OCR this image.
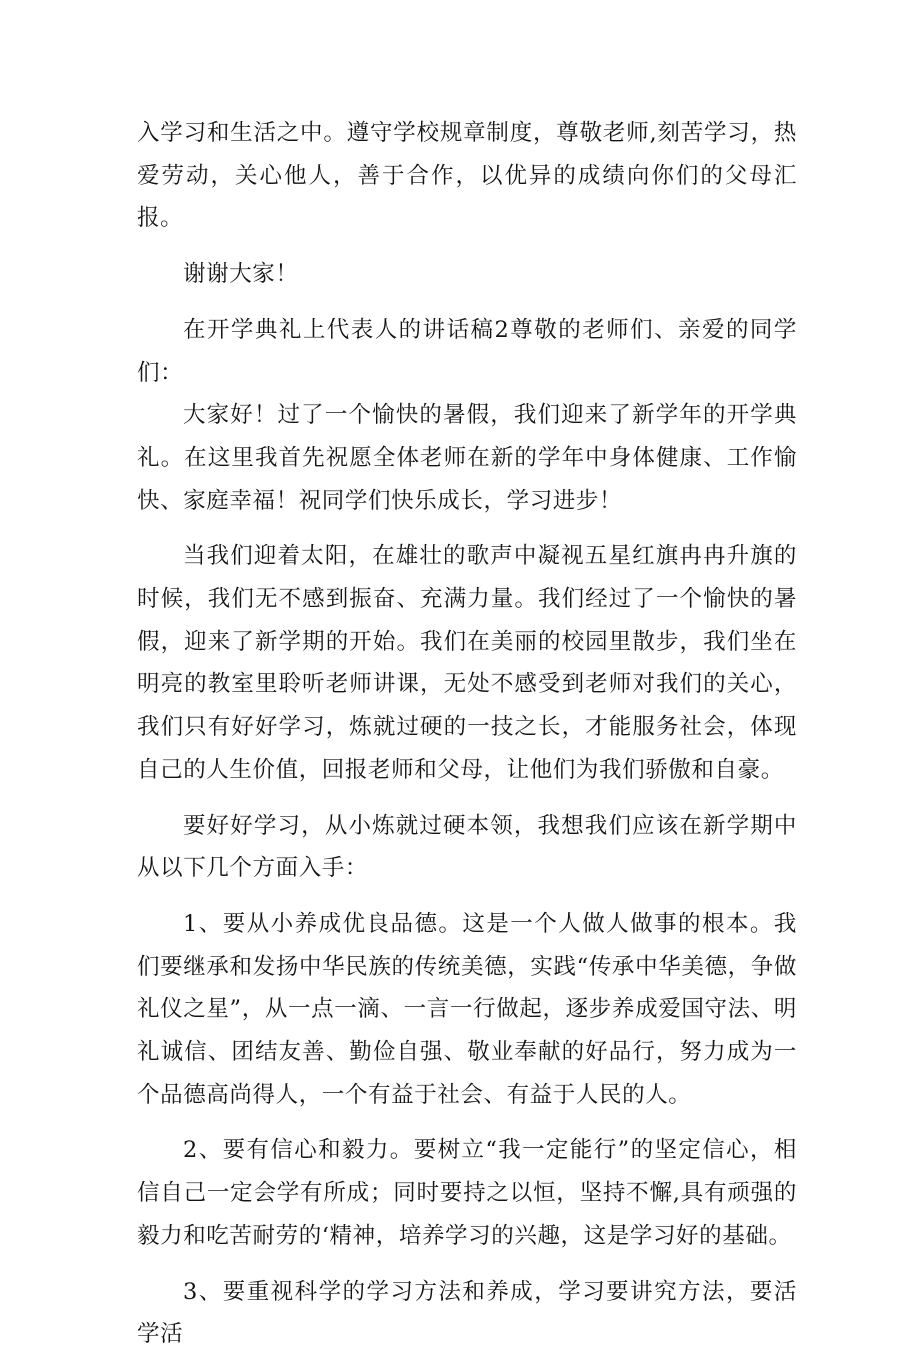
入学习和生活之中。遵守学校规章制度，尊敬老师,刻苦学习，热爱劳动，关心他人，善于合作，以优异的成绩向你们的父母汇报。

谢谢大家！

在开学典礼上代表人的讲话稿2尊敬的老师们、亲爱的同学们：

大家好！过了一个愉快的暑假，我们迎来了新学年的开学典礼。在这里我首先祝愿全体老师在新的学年中身体健康、工作愉快、家庭幸福！祝同学们快乐成长，学习进步！

当我们迎着太阳，在雄壮的歌声中凝视五星红旗冉冉升旗的时候，我们无不感到振奋、充满力量。我们经过了一个愉快的暑假，迎来了新学期的开始。我们在美丽的校园里散步，我们坐在明亮的教室里聆听老师讲课，无处不感受到老师对我们的关心，我们只有好好学习，炼就过硬的一技之长，才能服务社会，体现自己的人生价值，回报老师和父母，让他们为我们骄傲和自豪。

要好好学习，从小炼就过硬本领，我想我们应该在新学期中从以下几个方面入手：

1、要从小养成优良品德。这是一个人做人做事的根本。我们要继承和发扬中华民族的传统美德，实践“传承中华美德，争做礼仪之星”，从一点一滴、一言一行做起，逐步养成爱国守法、明礼诚信、团结友善、勤俭自强、敬业奉献的好品行，努力成为一个品德高尚得人，一个有益于社会、有益于人民的人。

2、要有信心和毅力。要树立“我一定能行”的坚定信心，相信自己一定会学有所成；同时要持之以恒，坚持不懈,具有顽强的毅力和吃苦耐劳的‘精神，培养学习的兴趣，这是学习好的基础。

3、要重视科学的学习方法和养成，学习要讲究方法，要活学活
